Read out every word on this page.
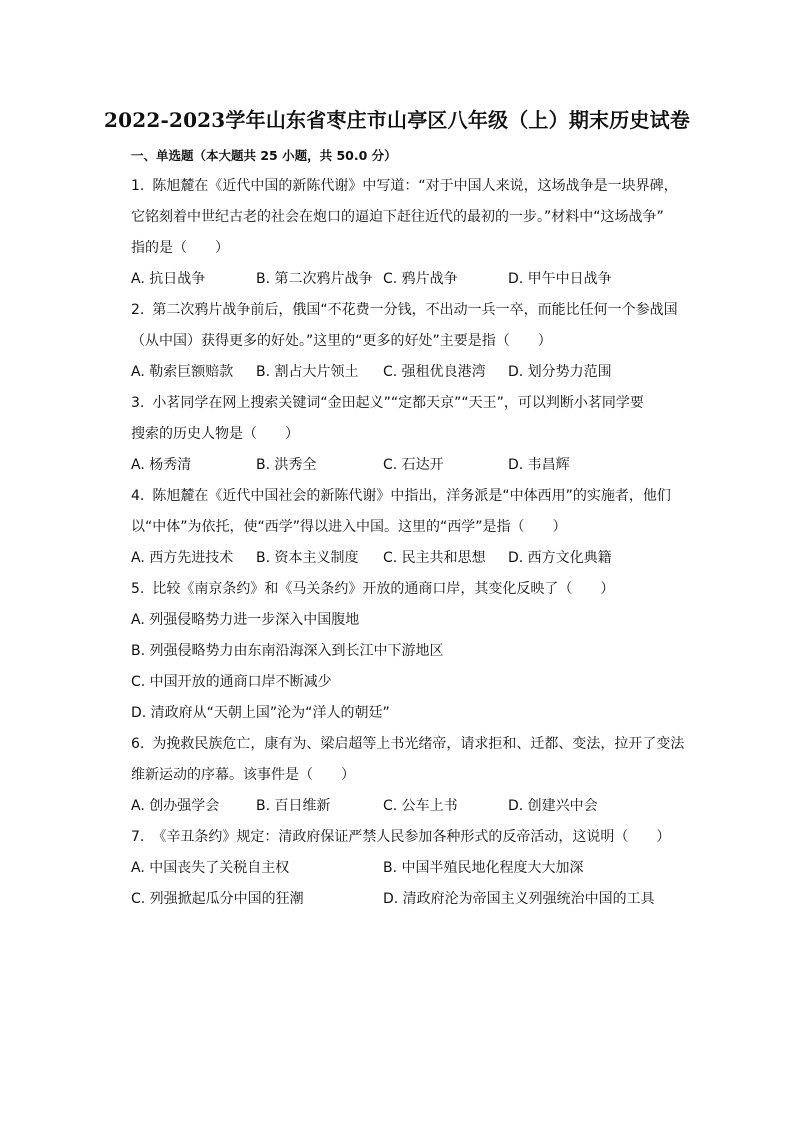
2022-2023学年山东省枣庄市山亭区八年级（上）期末历史试卷
一、单选题（本大题共 25 小题，共 50.0 分）
1. 陈旭麓在《近代中国的新陈代谢》中写道：“对于中国人来说，这场战争是一块界碑，
它铭刻着中世纪古老的社会在炮口的逼迫下赶往近代的最初的一步。”材料中“这场战争”
指的是（　　）
A. 抗日战争	B. 第二次鸦片战争 C. 鸦片战争	D. 甲午中日战争
2. 第二次鸦片战争前后，俄国“不花费一分钱，不出动一兵一卒，而能比任何一个参战国
（从中国）获得更多的好处。”这里的“更多的好处”主要是指（　　）
A. 勒索巨额赔款 B. 割占大片领土 C. 强租优良港湾 D. 划分势力范围
3. 小茗同学在网上搜索关键词“金田起义”“定都天京”“天王”，可以判断小茗同学要
搜索的历史人物是（　　）
A. 杨秀清	B. 洪秀全	C. 石达开	D. 韦昌辉
4. 陈旭麓在《近代中国社会的新陈代谢》中指出，洋务派是“中体西用”的实施者，他们
以“中体”为依托，使“西学”得以进入中国。这里的“西学”是指（　　）
A. 西方先进技术 B. 资本主义制度 C. 民主共和思想 D. 西方文化典籍
5. 比较《南京条约》和《马关条约》开放的通商口岸，其变化反映了（　　）
A. 列强侵略势力进一步深入中国腹地
B. 列强侵略势力由东南沿海深入到长江中下游地区
C. 中国开放的通商口岸不断减少
D. 清政府从“天朝上国”沦为“洋人的朝廷”
6. 为挽救民族危亡，康有为、梁启超等上书光绪帝，请求拒和、迁都、变法，拉开了变法
维新运动的序幕。该事件是（　　）
A. 创办强学会	B. 百日维新	C. 公车上书	D. 创建兴中会
7. 《辛丑条约》规定：清政府保证严禁人民参加各种形式的反帝活动，这说明（　　）
A. 中国丧失了关税自主权	B. 中国半殖民地化程度大大加深
C. 列强掀起瓜分中国的狂潮	D. 清政府沦为帝国主义列强统治中国的工具
